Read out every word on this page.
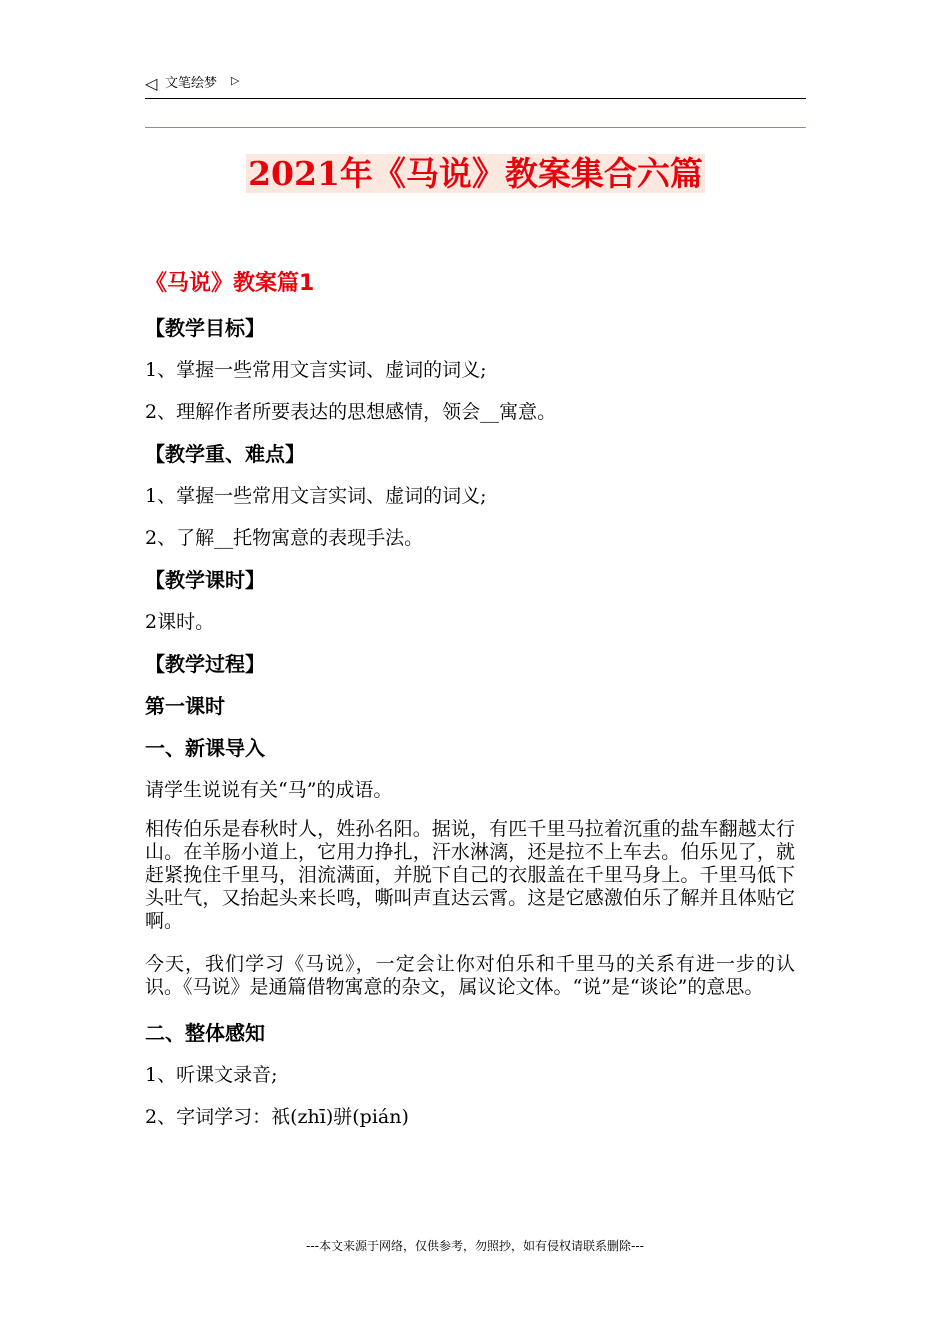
◁ 文笔绘梦 ▷
2021年《马说》教案集合六篇
《马说》教案篇1
【教学目标】
1、掌握一些常用文言实词、虚词的词义;
2、理解作者所要表达的思想感情，领会__寓意。
【教学重、难点】
1、掌握一些常用文言实词、虚词的词义;
2、了解__托物寓意的表现手法。
【教学课时】
2课时。
【教学过程】
第一课时
一、新课导入
请学生说说有关“马”的成语。
相传伯乐是春秋时人，姓孙名阳。据说，有匹千里马拉着沉重的盐车翻越太行山。在羊肠小道上，它用力挣扎，汗水淋漓，还是拉不上车去。伯乐见了，就赶紧挽住千里马，泪流满面，并脱下自己的衣服盖在千里马身上。千里马低下头吐气，又抬起头来长鸣，嘶叫声直达云霄。这是它感激伯乐了解并且体贴它啊。
今天，我们学习《马说》，一定会让你对伯乐和千里马的关系有进一步的认识。《马说》是通篇借物寓意的杂文，属议论文体。“说”是“谈论”的意思。
二、整体感知
1、听课文录音;
2、字词学习：祇(zhī)骈(pián)
---本文来源于网络，仅供参考，勿照抄，如有侵权请联系删除---
